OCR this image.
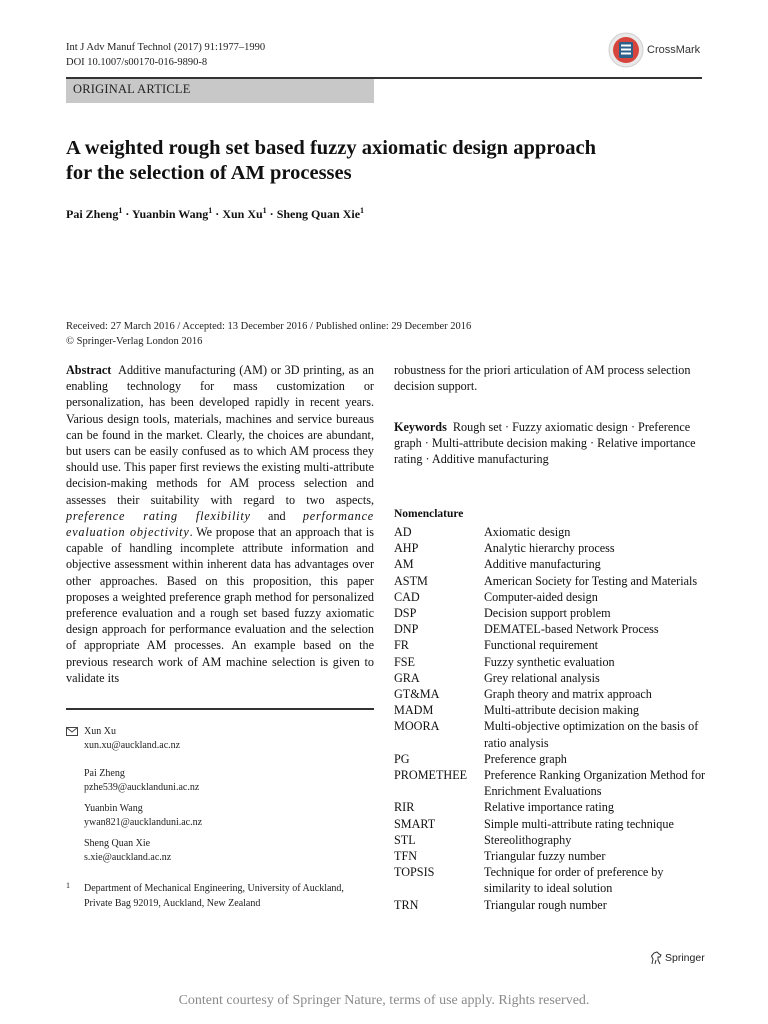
Int J Adv Manuf Technol (2017) 91:1977–1990
DOI 10.1007/s00170-016-9890-8
CrossMark
ORIGINAL ARTICLE
A weighted rough set based fuzzy axiomatic design approach
for the selection of AM processes
Pai Zheng$^1$ · Yuanbin Wang$^1$ · Xun $Xu^1$ · Sheng Quan Xie$^1$
Received: 27 March 2016 / Accepted: 13 December 2016 / Published online: 29 December 2016
© Springer-Verlag London 2016

Abstract Additive manufacturing (AM) or 3D printing, as an enabling technology for mass customization or personalization, has been developed rapidly in recent years. Various design tools, materials, machines and service bureaus can be found in the market. Clearly, the choices are abundant, but users can be easily confused as to which AM process they should use. This paper first reviews the existing multi-attribute decision-making methods for AM process selection and assesses their suitability with regard to two aspects, preference rating flexibility and performance evaluation objectivity. We propose that an approach that is capable of handling incomplete attribute information and objective assessment within inherent data has advantages over other approaches. Based on this proposition, this paper proposes a weighted preference graph method for personalized preference evaluation and a rough set based fuzzy axiomatic design approach for performance evaluation and the selection of appropriate AM processes. An example based on the previous research work of AM machine selection is given to validate its

robustness for the priori articulation of AM process selection decision support.

Keywords Rough set · Fuzzy axiomatic design · Preference graph · Multi-attribute decision making · Relative importance rating · Additive manufacturing

Xun Xu
xun.xu@auckland.ac.nz
Pai Zheng
pzhe539@aucklanduni.ac.nz
Yuanbin Wang
ywan821@aucklanduni.ac.nz
Sheng Quan Xie
s.xie@auckland.ac.nz
1 Department of Mechanical Engineering, University of Auckland,
Private Bag 92019, Auckland, New Zealand
Nomenclature
AD	Axiomatic design
AHP	Analytic hierarchy process
AM	Additive manufacturing
ASTM	American Society for Testing and Materials
CAD	Computer-aided design
DSP	Decision support problem
DNP	DEMATEL-based Network Process
FR	Functional requirement
FSE	Fuzzy synthetic evaluation
GRA	Grey relational analysis
GT&MA	Graph theory and matrix approach
MADM	Multi-attribute decision making
MOORA	Multi-objective optimization on the basis of ratio analysis
PG	Preference graph
PROMETHEE	Preference Ranking Organization Method for Enrichment Evaluations
RIR	Relative importance rating
SMART	Simple multi-attribute rating technique
STL	Stereolithography
TFN	Triangular fuzzy number
TOPSIS	Technique for order of preference by similarity to ideal solution
TRN	Triangular rough number
Springer
Content courtesy of Springer Nature, terms of use apply. Rights reserved.
